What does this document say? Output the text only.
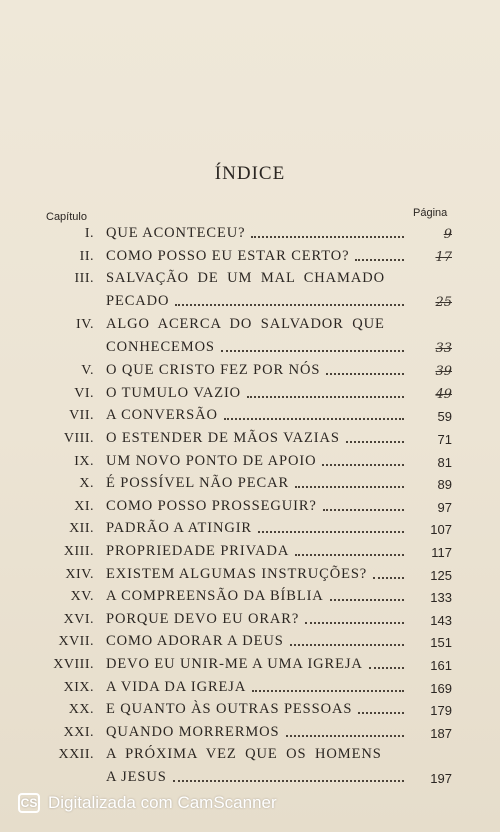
ÍNDICE
Capítulo	Página
I. QUE ACONTECEU?	9
II. COMO POSSO EU ESTAR CERTO?	17
III. SALVAÇÃO DE UM MAL CHAMADO
PECADO	25
IV. ALGO ACERCA DO SALVADOR QUE
CONHECEMOS	33
V. O QUE CRISTO FEZ POR NÓS	39
VI. O TUMULO VAZIO	49
VII. A CONVERSÃO	59
VIII. O ESTENDER DE MÃOS VAZIAS	71
IX. UM NOVO PONTO DE APOIO	81
X. É POSSÍVEL NÃO PECAR	89
XI. COMO POSSO PROSSEGUIR?	97
XII. PADRÃO A ATINGIR	107
XIII. PROPRIEDADE PRIVADA	117
XIV. EXISTEM ALGUMAS INSTRUÇÕES?	125
XV. A COMPREENSÃO DA BÍBLIA	133
XVI. PORQUE DEVO EU ORAR?	143
XVII. COMO ADORAR A DEUS	151
XVIII. DEVO EU UNIR-ME A UMA IGREJA	161
XIX. A VIDA DA IGREJA	169
XX. E QUANTO ÀS OUTRAS PESSOAS	179
XXI. QUANDO MORRERMOS	187
XXII. A PRÓXIMA VEZ QUE OS HOMENS
A JESUS	197
CS Digitalizada com CamScanner
